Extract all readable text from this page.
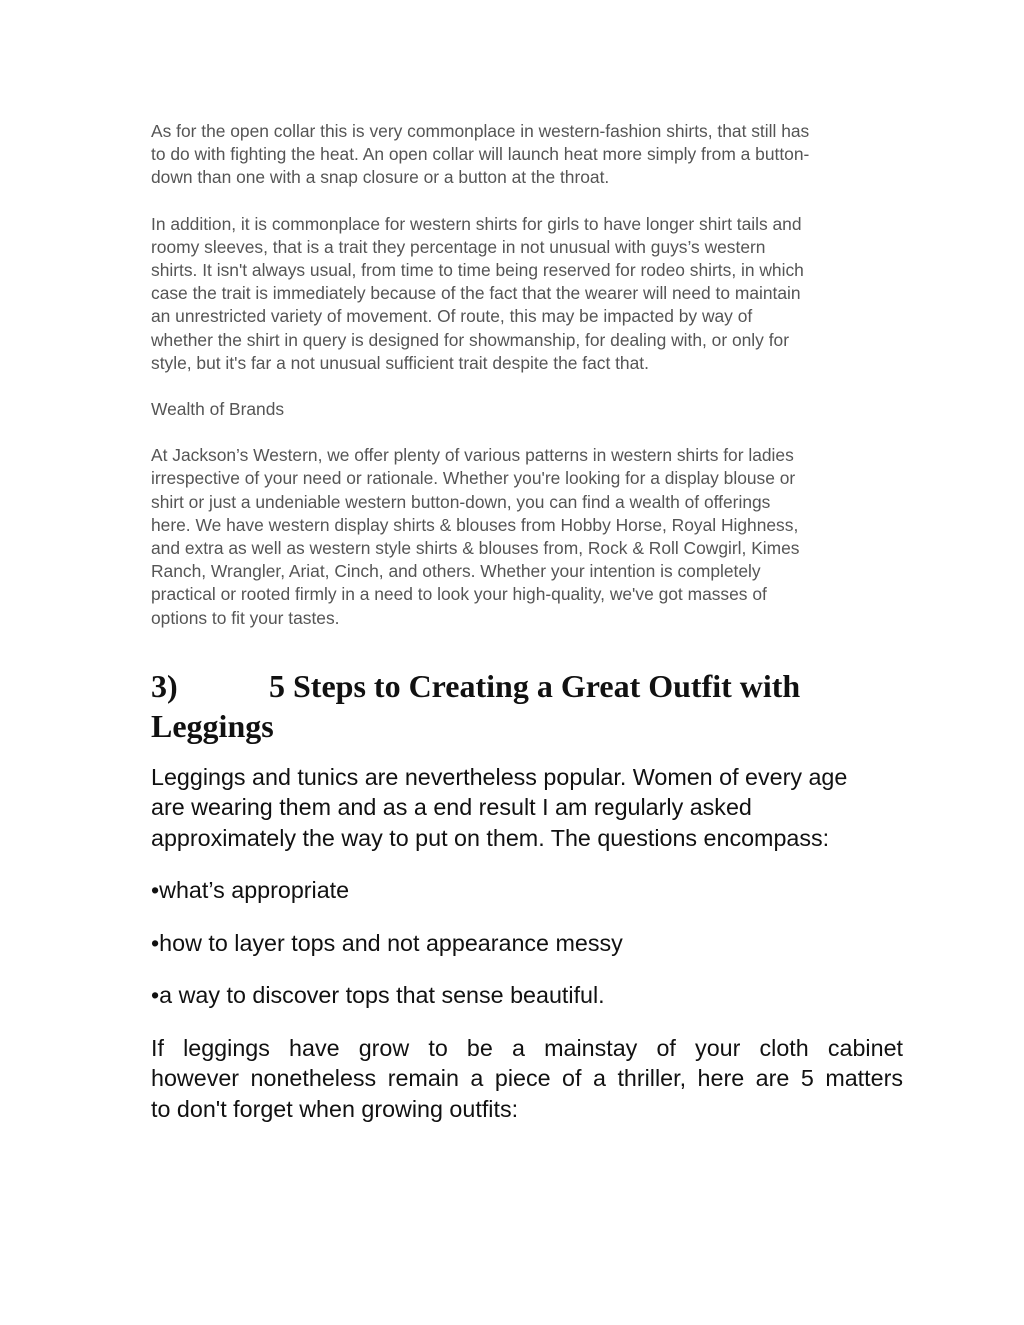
As for the open collar this is very commonplace in western-fashion shirts, that still has
to do with fighting the heat. An open collar will launch heat more simply from a button-
down than one with a snap closure or a button at the throat.

In addition, it is commonplace for western shirts for girls to have longer shirt tails and
roomy sleeves, that is a trait they percentage in not unusual with guys’s western
shirts. It isn't always usual, from time to time being reserved for rodeo shirts, in which
case the trait is immediately because of the fact that the wearer will need to maintain
an unrestricted variety of movement. Of route, this may be impacted by way of
whether the shirt in query is designed for showmanship, for dealing with, or only for
style, but it's far a not unusual sufficient trait despite the fact that.

Wealth of Brands

At Jackson’s Western, we offer plenty of various patterns in western shirts for ladies
irrespective of your need or rationale. Whether you're looking for a display blouse or
shirt or just a undeniable western button-down, you can find a wealth of offerings
here. We have western display shirts & blouses from Hobby Horse, Royal Highness,
and extra as well as western style shirts & blouses from, Rock & Roll Cowgirl, Kimes
Ranch, Wrangler, Ariat, Cinch, and others. Whether your intention is completely
practical or rooted firmly in a need to look your high-quality, we've got masses of
options to fit your tastes.

3)	5 Steps to Creating a Great Outfit with
Leggings

Leggings and tunics are nevertheless popular. Women of every age
are wearing them and as a end result I am regularly asked
approximately the way to put on them. The questions encompass:

•what’s appropriate

•how to layer tops and not appearance messy

•a way to discover tops that sense beautiful.

If leggings have grow to be a mainstay of your cloth cabinet
however nonetheless remain a piece of a thriller, here are 5 matters
to don't forget when growing outfits:
